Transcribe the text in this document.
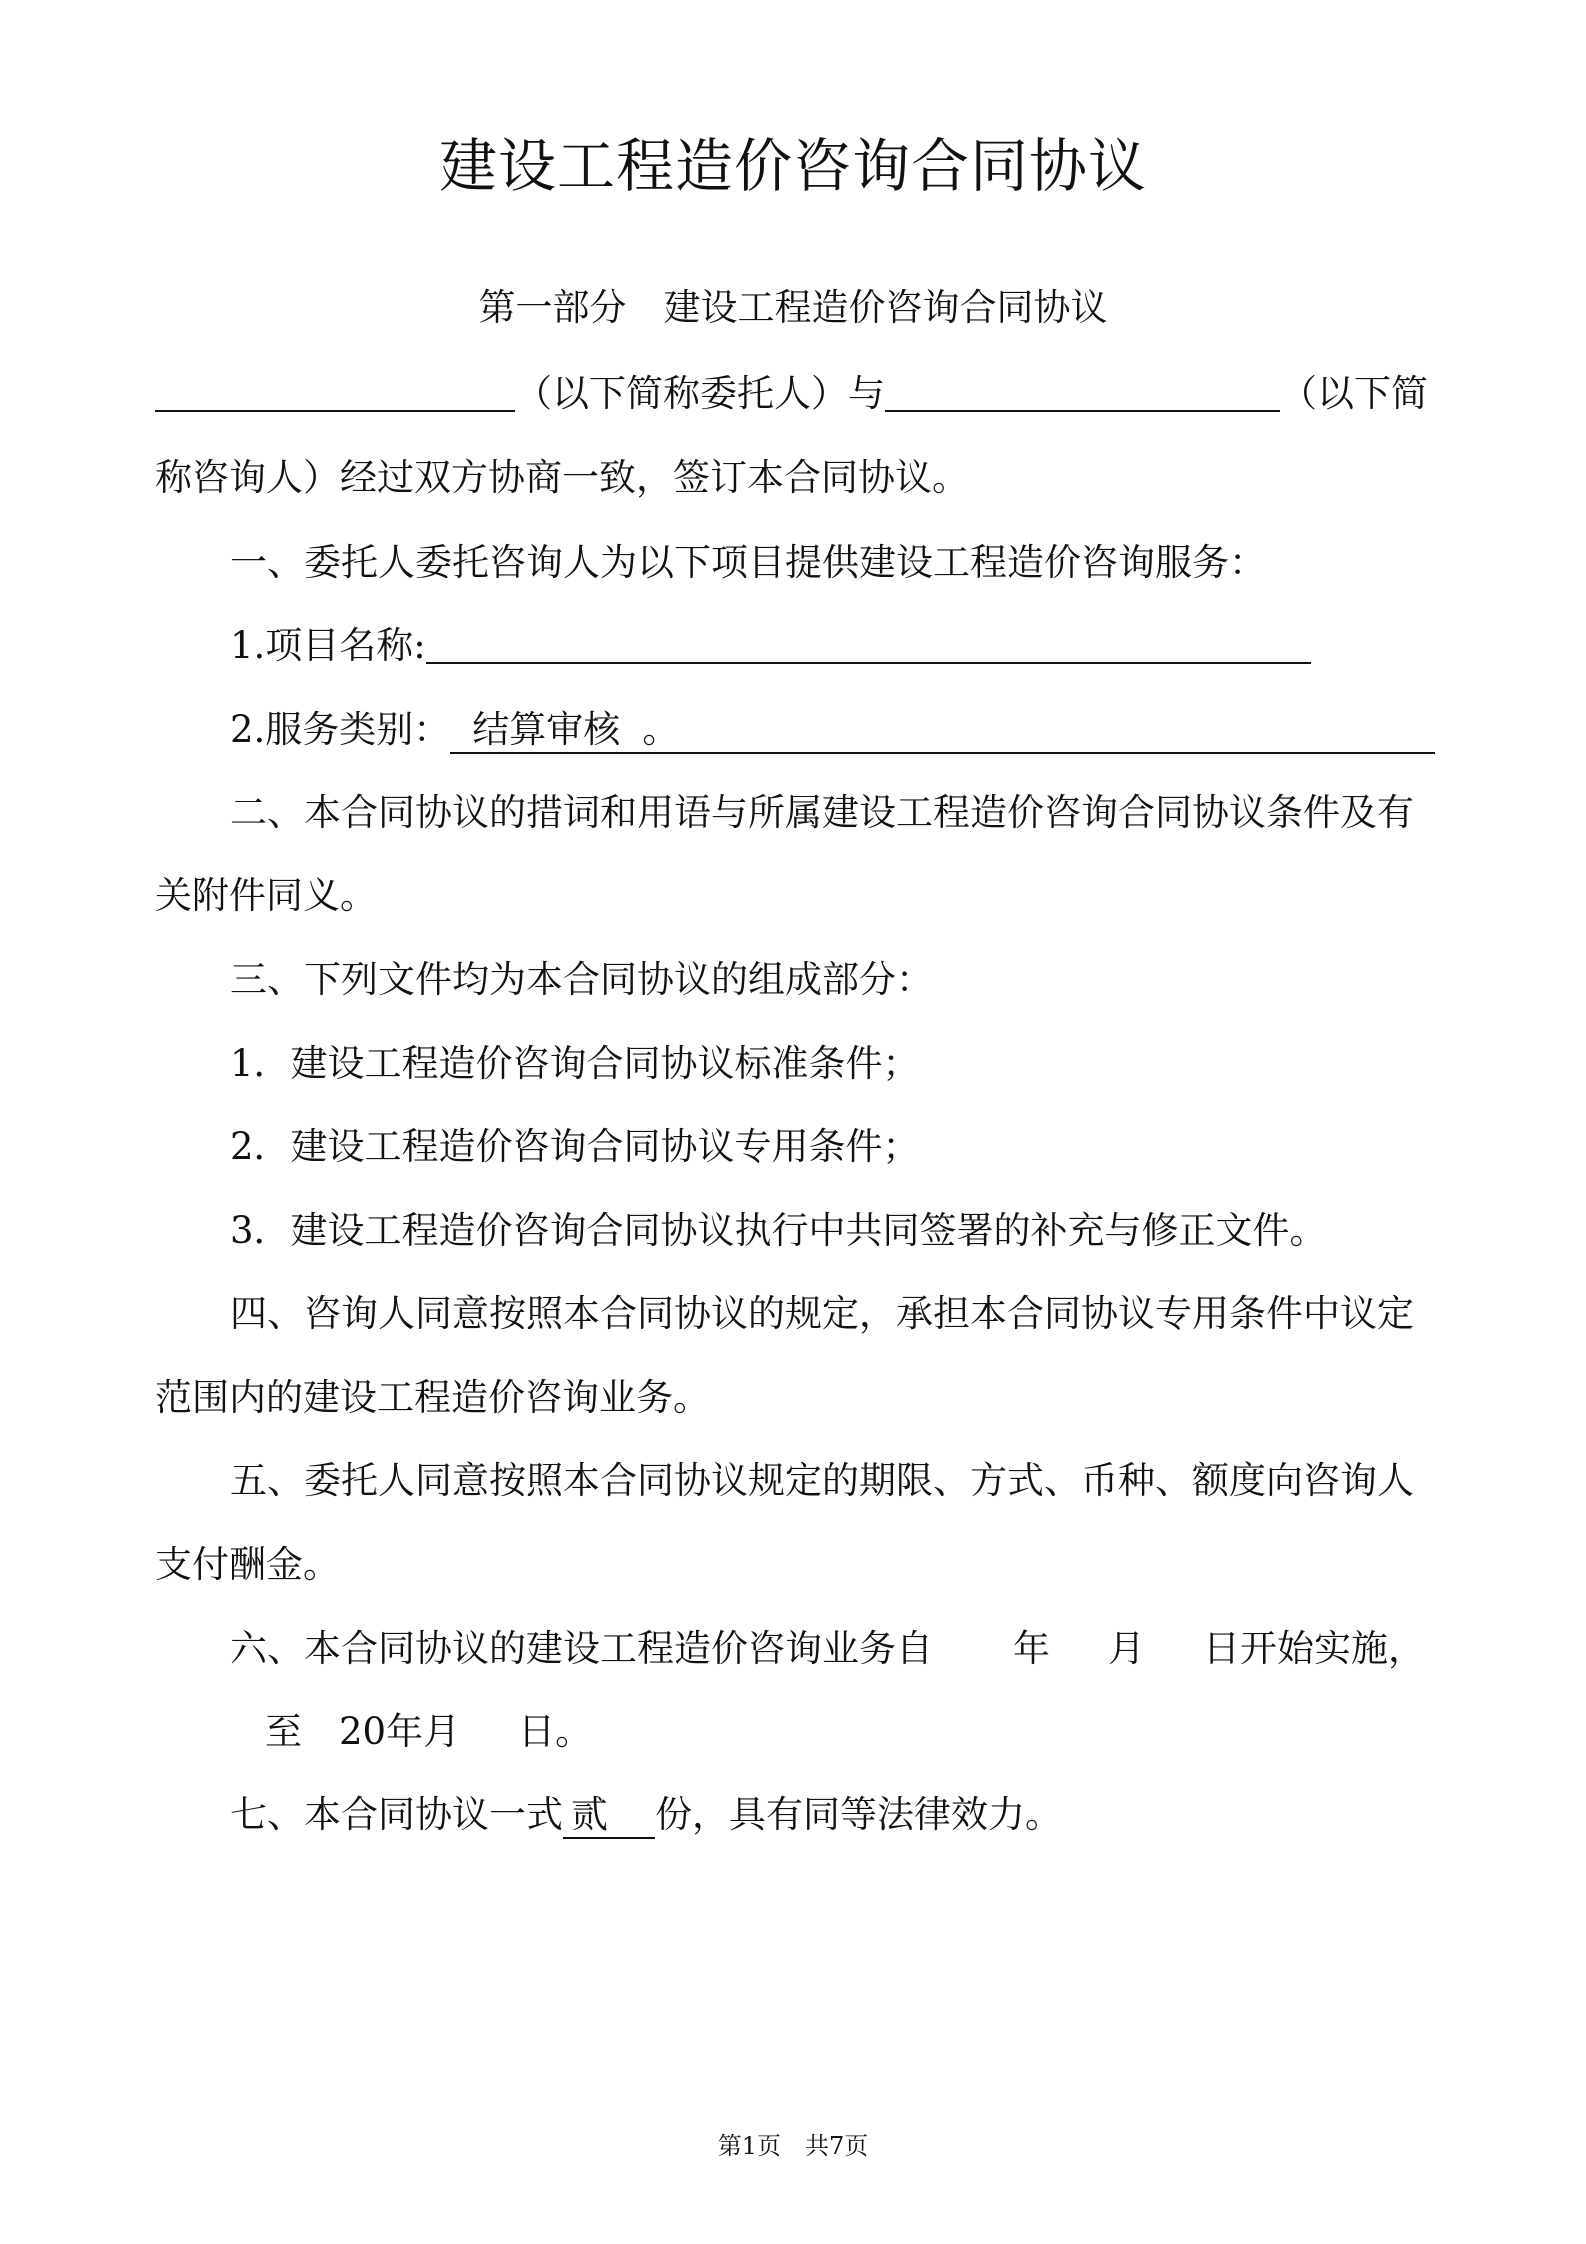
建设工程造价咨询合同协议
第一部分　建设工程造价咨询合同协议
（以下简称委托人）与	（以下简
称咨询人）经过双方协商一致，签订本合同协议。
一、委托人委托咨询人为以下项目提供建设工程造价咨询服务：
1.项目名称:
2.服务类别： 结算审核 。
二、本合同协议的措词和用语与所属建设工程造价咨询合同协议条件及有
关附件同义。
三、下列文件均为本合同协议的组成部分：
1．建设工程造价咨询合同协议标准条件；
2．建设工程造价咨询合同协议专用条件；
3．建设工程造价咨询合同协议执行中共同签署的补充与修正文件。
四、咨询人同意按照本合同协议的规定，承担本合同协议专用条件中议定
范围内的建设工程造价咨询业务。
五、委托人同意按照本合同协议规定的期限、方式、币种、额度向咨询人
支付酬金。
六、本合同协议的建设工程造价咨询业务自 年 月 日开始实施，
至 20年月 日。
七、本合同协议一式 贰 份，具有同等法律效力。
第1页 共7页
